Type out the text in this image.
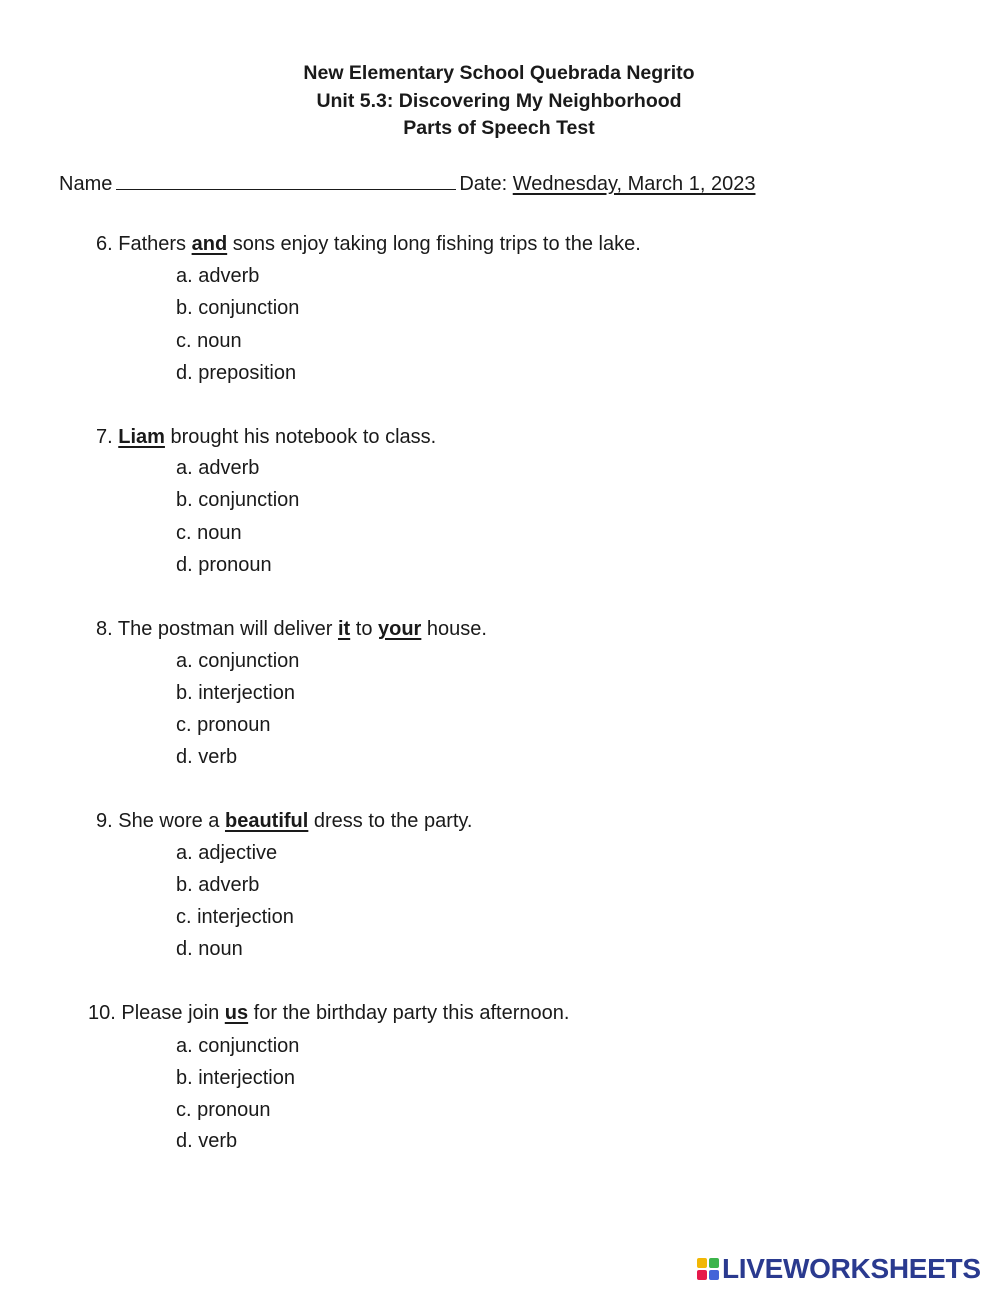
New Elementary School Quebrada Negrito
Unit 5.3: Discovering My Neighborhood
Parts of Speech Test
Name	Date: Wednesday, March 1, 2023
6. Fathers and sons enjoy taking long fishing trips to the lake.
a. adverb
b. conjunction
c. noun
d. preposition
7. Liam brought his notebook to class.
a. adverb
b. conjunction
c. noun
d. pronoun
8. The postman will deliver it to your house.
a. conjunction
b. interjection
c. pronoun
d. verb
9. She wore a beautiful dress to the party.
a. adjective
b. adverb
c. interjection
d. noun
10. Please join us for the birthday party this afternoon.
a. conjunction
b. interjection
c. pronoun
d. verb
LIVEWORKSHEETS
